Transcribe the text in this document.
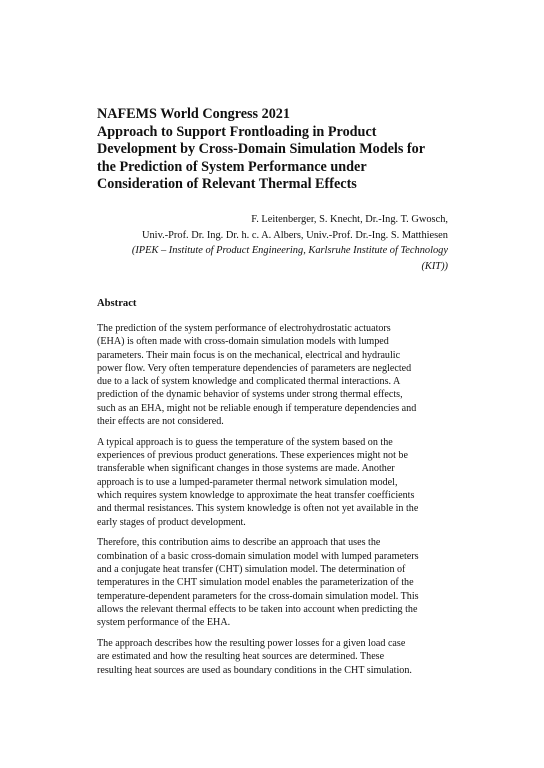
NAFEMS World Congress 2021
Approach to Support Frontloading in Product
Development by Cross-Domain Simulation Models for
the Prediction of System Performance under
Consideration of Relevant Thermal Effects
F. Leitenberger, S. Knecht, Dr.-Ing. T. Gwosch,
Univ.-Prof. Dr. Ing. Dr. h. c. A. Albers, Univ.-Prof. Dr.-Ing. S. Matthiesen
(IPEK – Institute of Product Engineering, Karlsruhe Institute of Technology
(KIT))
Abstract
The prediction of the system performance of electrohydrostatic actuators
(EHA) is often made with cross-domain simulation models with lumped
parameters. Their main focus is on the mechanical, electrical and hydraulic
power flow. Very often temperature dependencies of parameters are neglected
due to a lack of system knowledge and complicated thermal interactions. A
prediction of the dynamic behavior of systems under strong thermal effects,
such as an EHA, might not be reliable enough if temperature dependencies and
their effects are not considered.
A typical approach is to guess the temperature of the system based on the
experiences of previous product generations. These experiences might not be
transferable when significant changes in those systems are made. Another
approach is to use a lumped-parameter thermal network simulation model,
which requires system knowledge to approximate the heat transfer coefficients
and thermal resistances. This system knowledge is often not yet available in the
early stages of product development.
Therefore, this contribution aims to describe an approach that uses the
combination of a basic cross-domain simulation model with lumped parameters
and a conjugate heat transfer (CHT) simulation model. The determination of
temperatures in the CHT simulation model enables the parameterization of the
temperature-dependent parameters for the cross-domain simulation model. This
allows the relevant thermal effects to be taken into account when predicting the
system performance of the EHA.
The approach describes how the resulting power losses for a given load case
are estimated and how the resulting heat sources are determined. These
resulting heat sources are used as boundary conditions in the CHT simulation.
